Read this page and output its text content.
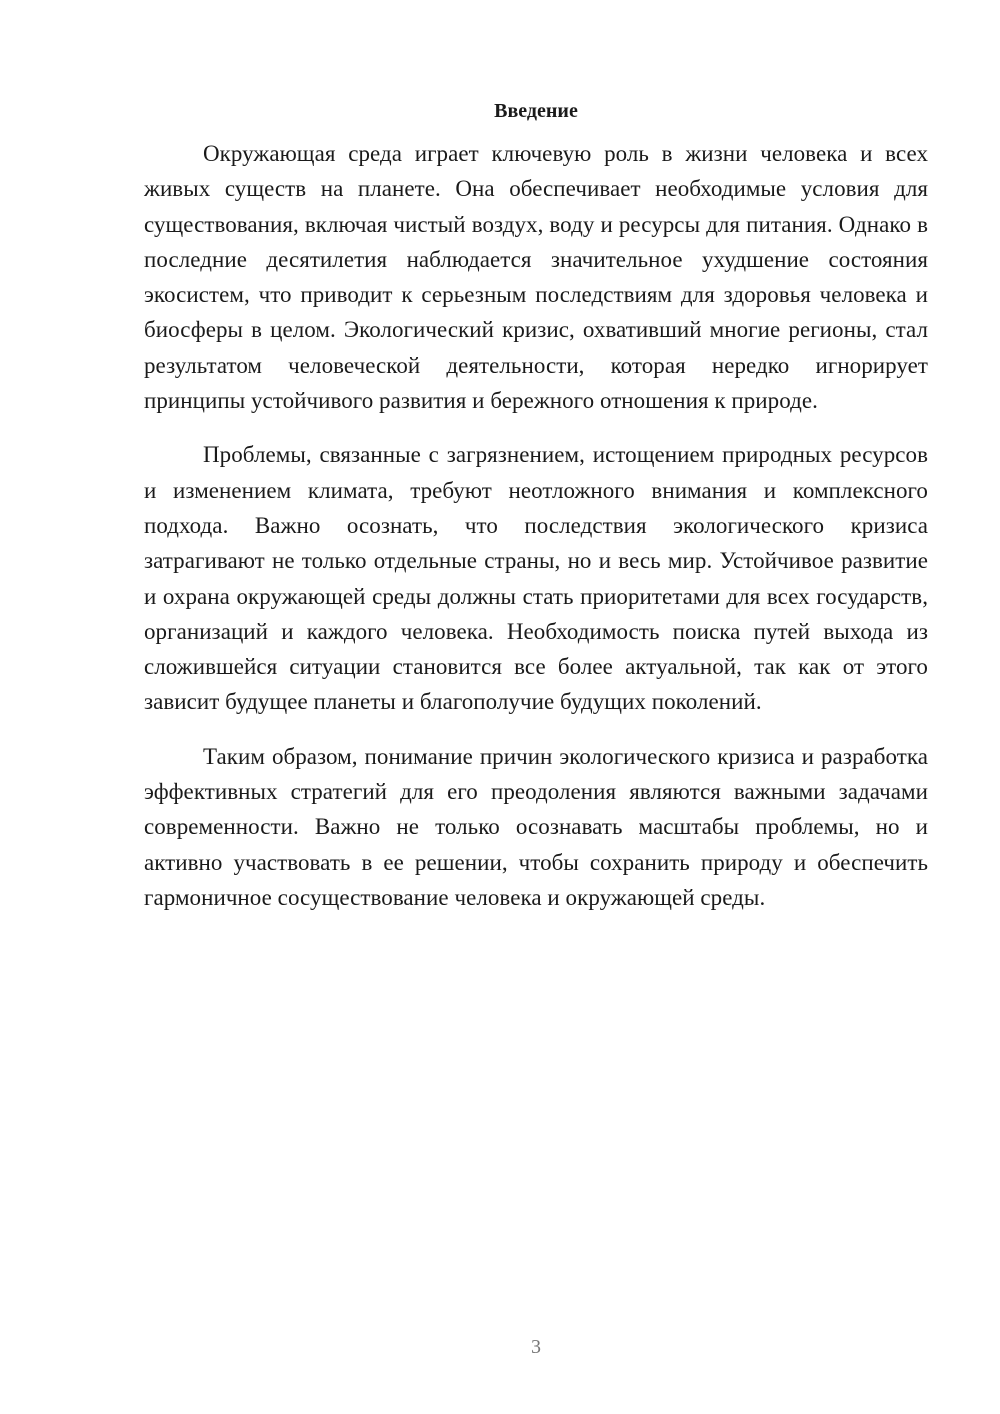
Введение

Окружающая среда играет ключевую роль в жизни человека и всех живых существ на планете. Она обеспечивает необходимые условия для существования, включая чистый воздух, воду и ресурсы для питания. Однако в последние десятилетия наблюдается значительное ухудшение состояния экосистем, что приводит к серьезным последствиям для здоровья человека и биосферы в целом. Экологический кризис, охвативший многие регионы, стал результатом человеческой деятельности, которая нередко игнорирует принципы устойчивого развития и бережного отношения к природе.

Проблемы, связанные с загрязнением, истощением природных ресурсов и изменением климата, требуют неотложного внимания и комплексного подхода. Важно осознать, что последствия экологического кризиса затрагивают не только отдельные страны, но и весь мир. Устойчивое развитие и охрана окружающей среды должны стать приоритетами для всех государств, организаций и каждого человека. Необходимость поиска путей выхода из сложившейся ситуации становится все более актуальной, так как от этого зависит будущее планеты и благополучие будущих поколений.

Таким образом, понимание причин экологического кризиса и разработка эффективных стратегий для его преодоления являются важными задачами современности. Важно не только осознавать масштабы проблемы, но и активно участвовать в ее решении, чтобы сохранить природу и обеспечить гармоничное сосуществование человека и окружающей среды.

3
